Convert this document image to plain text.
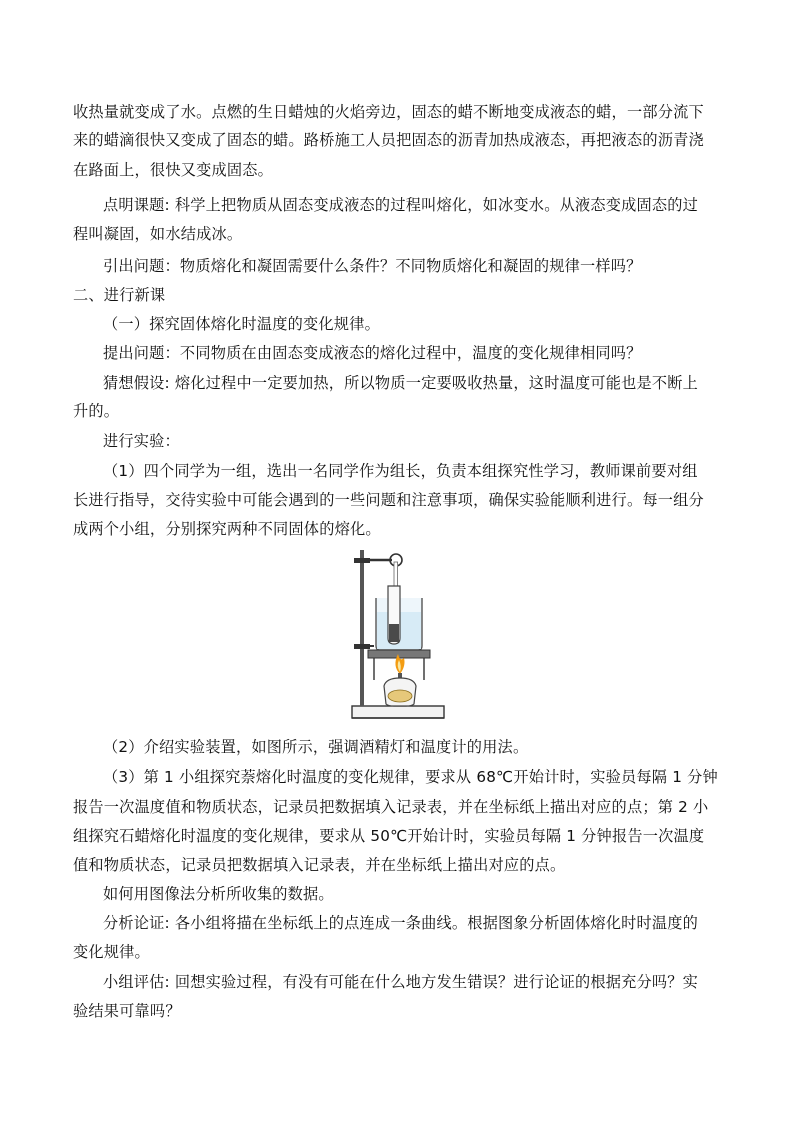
收热量就变成了水。点燃的生日蜡烛的火焰旁边，固态的蜡不断地变成液态的蜡，一部分流下
来的蜡滴很快又变成了固态的蜡。路桥施工人员把固态的沥青加热成液态，再把液态的沥青浇
在路面上，很快又变成固态。
点明课题: 科学上把物质从固态变成液态的过程叫熔化，如冰变水。从液态变成固态的过
程叫凝固，如水结成冰。
引出问题：物质熔化和凝固需要什么条件？不同物质熔化和凝固的规律一样吗？
二、进行新课
（一）探究固体熔化时温度的变化规律。
提出问题：不同物质在由固态变成液态的熔化过程中，温度的变化规律相同吗？
猜想假设: 熔化过程中一定要加热，所以物质一定要吸收热量，这时温度可能也是不断上
升的。
进行实验：
（1）四个同学为一组，选出一名同学作为组长，负责本组探究性学习，教师课前要对组
长进行指导，交待实验中可能会遇到的一些问题和注意事项，确保实验能顺利进行。每一组分
成两个小组，分别探究两种不同固体的熔化。
（2）介绍实验装置，如图所示，强调酒精灯和温度计的用法。
（3）第 1 小组探究萘熔化时温度的变化规律，要求从 68℃开始计时，实验员每隔 1 分钟
报告一次温度值和物质状态，记录员把数据填入记录表，并在坐标纸上描出对应的点；第 2 小
组探究石蜡熔化时温度的变化规律，要求从 50℃开始计时，实验员每隔 1 分钟报告一次温度
值和物质状态，记录员把数据填入记录表，并在坐标纸上描出对应的点。
如何用图像法分析所收集的数据。
分析论证: 各小组将描在坐标纸上的点连成一条曲线。根据图象分析固体熔化时时温度的
变化规律。
小组评估: 回想实验过程，有没有可能在什么地方发生错误？进行论证的根据充分吗？实
验结果可靠吗？
